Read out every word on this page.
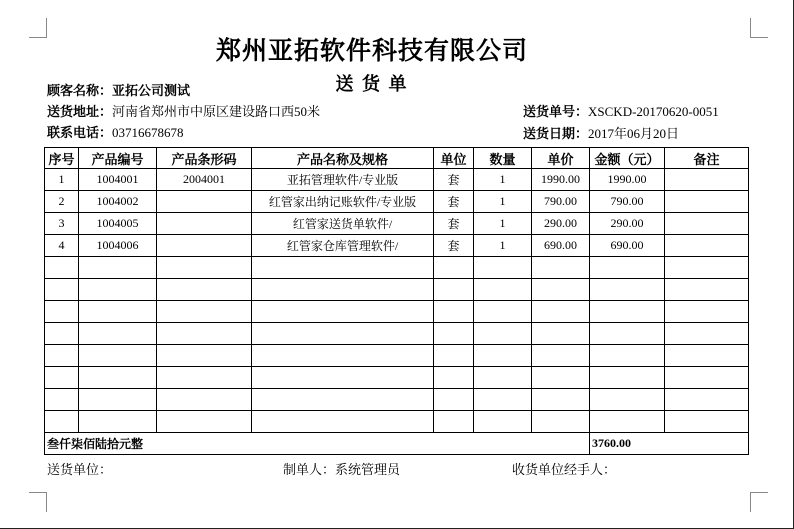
郑州亚拓软件科技有限公司
送 货 单
顾客名称：亚拓公司测试
送货地址：河南省郑州市中原区建设路口西50米
联系电话：03716678678
送货单号：XSCKD-20170620-0051
送货日期：2017年06月20日
序号	产品编号	产品条形码	产品名称及规格	单位	数量	单价	金额（元）	备注
1	1004001	2004001	亚拓管理软件/专业版	套	1	1990.00	1990.00	
2	1004002		红管家出纳记账软件/专业版	套	1	790.00	790.00	
3	1004005		红管家送货单软件/	套	1	290.00	290.00	
4	1004006		红管家仓库管理软件/	套	1	690.00	690.00	

叁仟柒佰陆拾元整							3760.00	
送货单位：	制单人：系统管理员	收货单位经手人：
